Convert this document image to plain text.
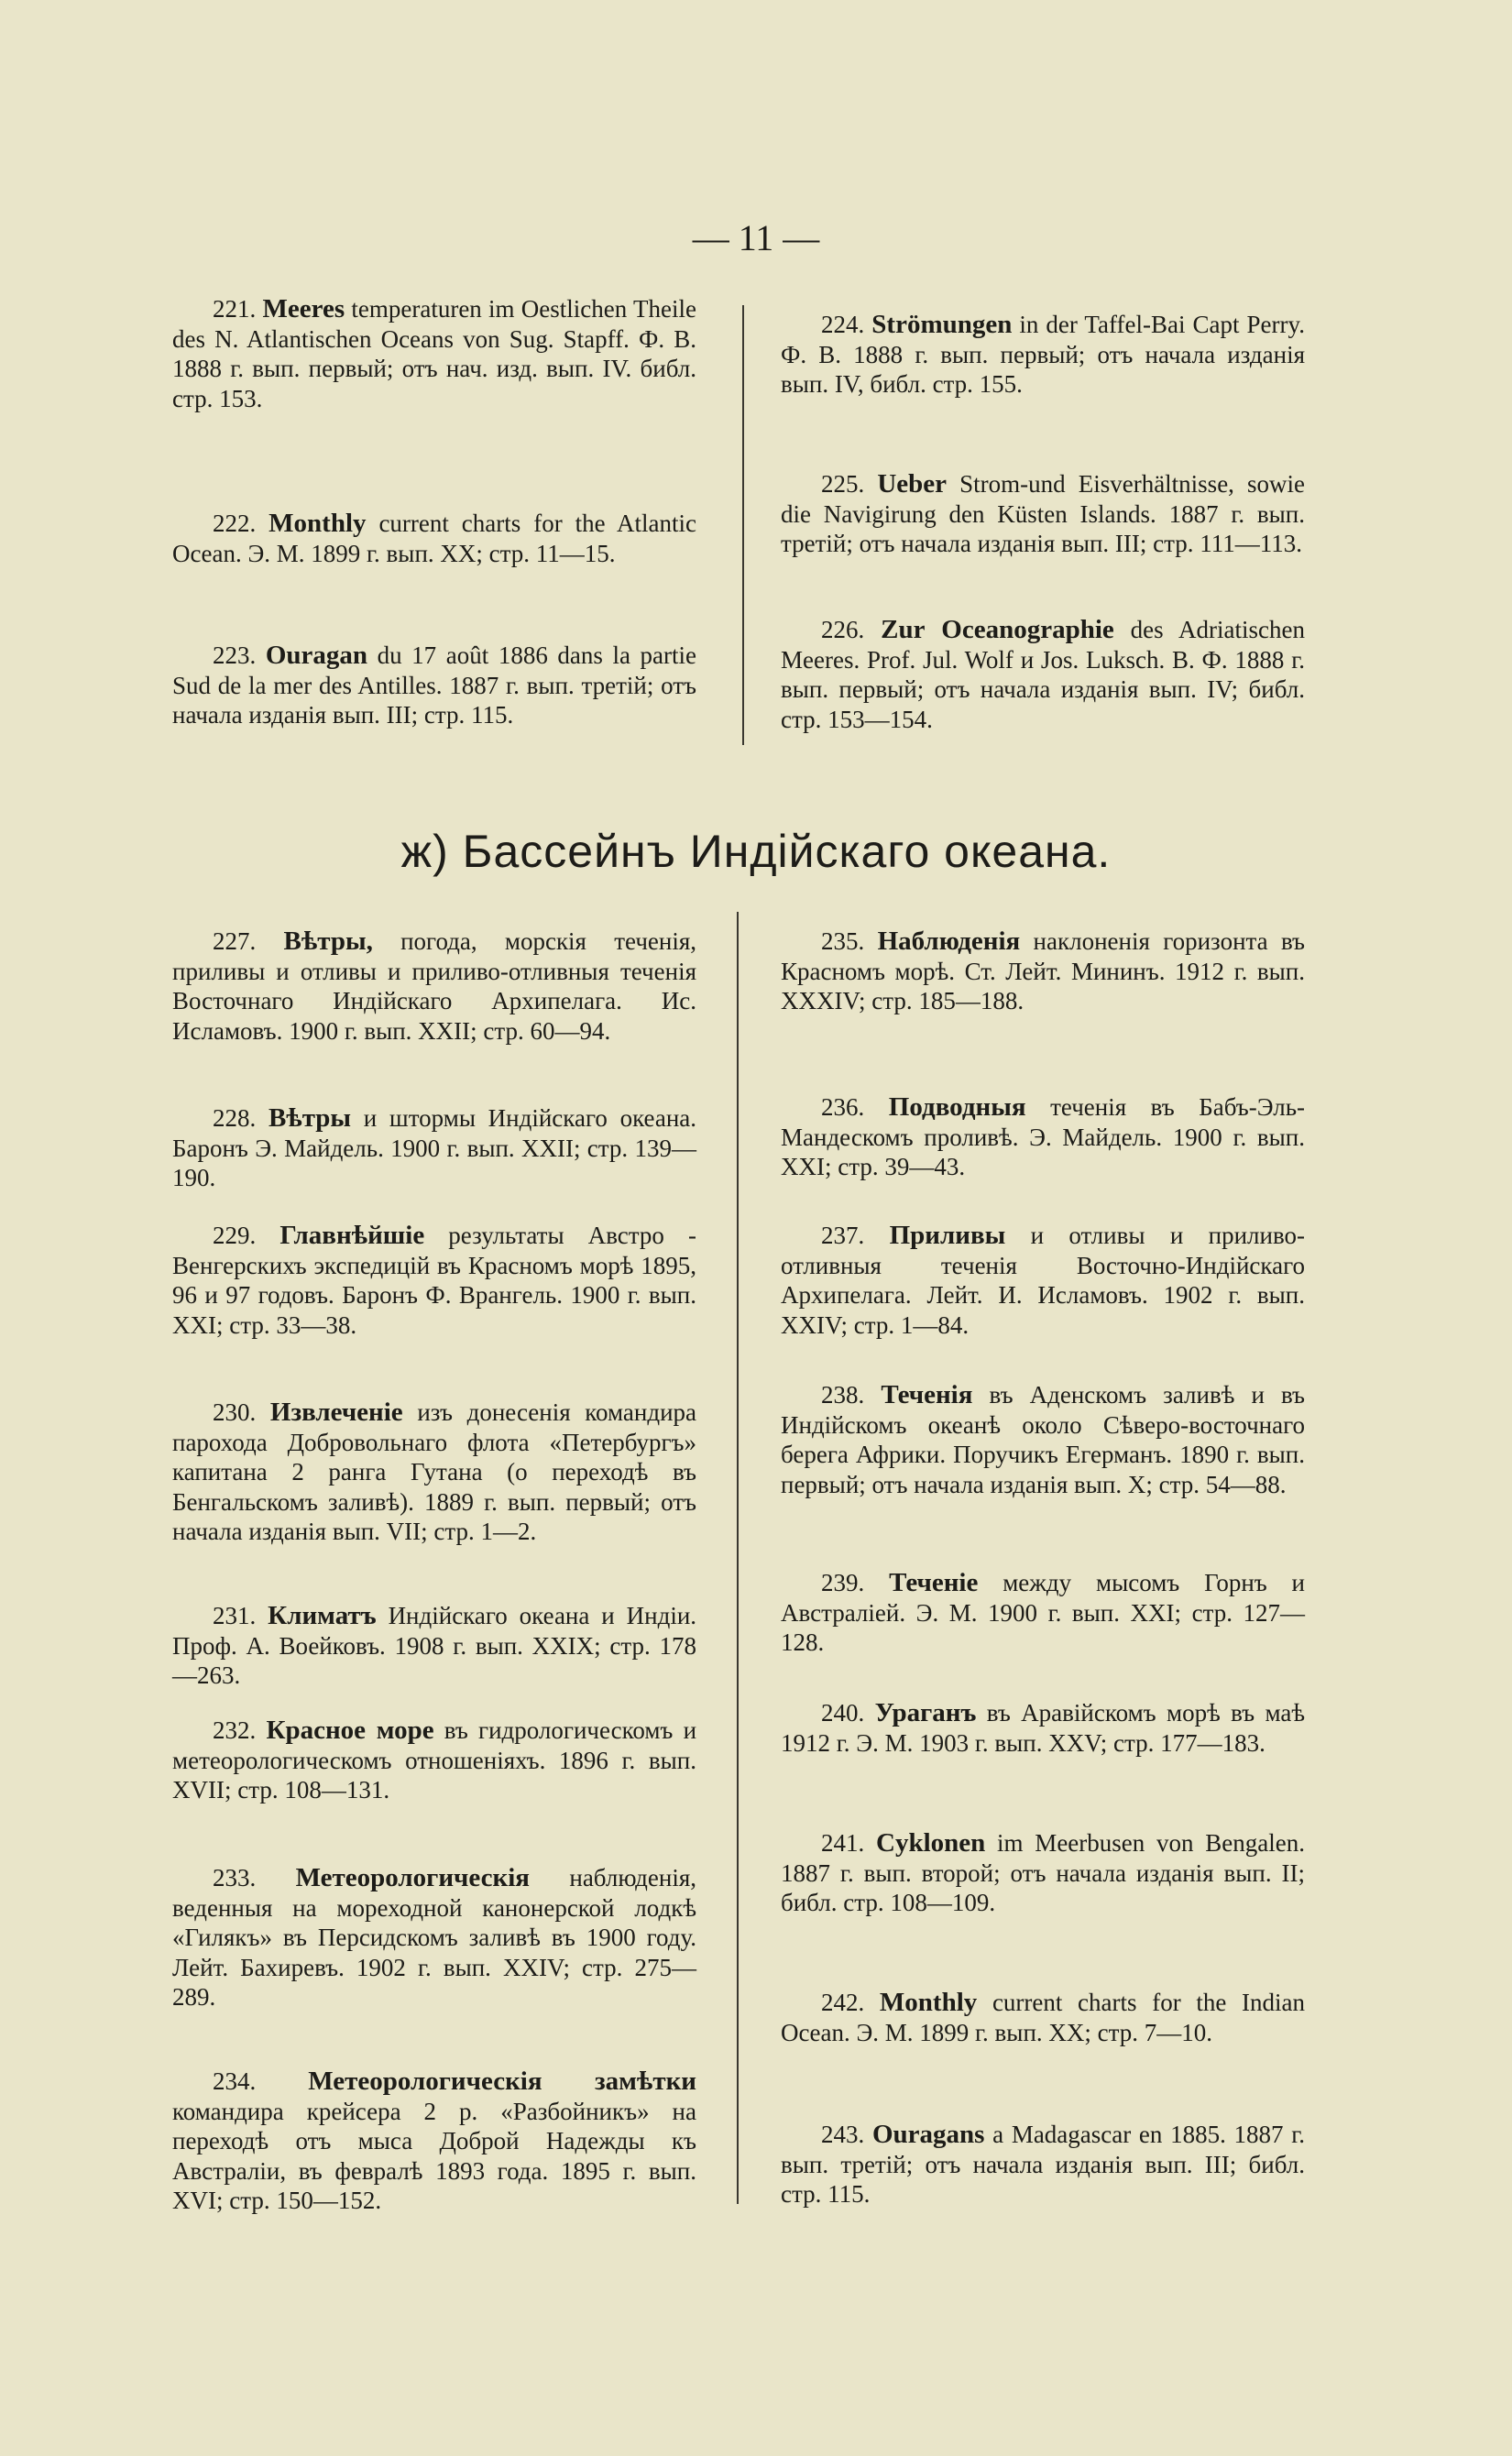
— 11 —
ж) Бассейнъ Индійскаго океана.
221. Meeres temperaturen im Oestlichen Theile des N. Atlantischen Oceans von Sug. Stapff. Ф. В. 1888 г. вып. первый; отъ нач. изд. вып. IV. библ. стр. 153.
222. Monthly current charts for the Atlantic Ocean. Э. М. 1899 г. вып. XX; стр. 11—15.
223. Ouragan du 17 août 1886 dans la partie Sud de la mer des Antilles. 1887 г. вып. третій; отъ начала изданія вып. III; стр. 115.
224. Strömungen in der Taffel-Bai Capt Perry. Ф. В. 1888 г. вып. первый; отъ начала изданія вып. IV, библ. стр. 155.
225. Ueber Strom-und Eisverhältnisse, sowie die Navigirung den Küsten Islands. 1887 г. вып. третій; отъ начала изданія вып. III; стр. 111—113.
226. Zur Oceanographie des Adriatischen Meeres. Prof. Jul. Wolf и Jos. Luksch. В. Ф. 1888 г. вып. первый; отъ начала изданія вып. IV; библ. стр. 153—154.
227. Вѣтры, погода, морскія теченія, приливы и отливы и приливо-отливныя теченія Восточнаго Индійскаго Архипелага. Ис. Исламовъ. 1900 г. вып. XXII; стр. 60—94.
228. Вѣтры и штормы Индійскаго океана. Баронъ Э. Майдель. 1900 г. вып. XXII; стр. 139—190.
229. Главнѣйшіе результаты Австро - Венгерскихъ экспедицій въ Красномъ морѣ 1895, 96 и 97 годовъ. Баронъ Ф. Врангель. 1900 г. вып. XXI; стр. 33—38.
230. Извлеченіе изъ донесенія командира парохода Добровольнаго флота «Петербургъ» капитана 2 ранга Гутана (о переходѣ въ Бенгальскомъ заливѣ). 1889 г. вып. первый; отъ начала изданія вып. VII; стр. 1—2.
231. Климатъ Индійскаго океана и Индіи. Проф. А. Воейковъ. 1908 г. вып. XXIX; стр. 178—263.
232. Красное море въ гидрологическомъ и метеорологическомъ отношеніяхъ. 1896 г. вып. XVII; стр. 108—131.
233. Метеорологическія наблюденія, веденныя на мореходной канонерской лодкѣ «Гилякъ» въ Персидскомъ заливѣ въ 1900 году. Лейт. Бахиревъ. 1902 г. вып. XXIV; стр. 275—289.
234. Метеорологическія замѣтки командира крейсера 2 р. «Разбойникъ» на переходѣ отъ мыса Доброй Надежды къ Австраліи, въ февралѣ 1893 года. 1895 г. вып. XVI; стр. 150—152.
235. Наблюденія наклоненія горизонта въ Красномъ морѣ. Ст. Лейт. Мининъ. 1912 г. вып. XXXIV; стр. 185—188.
236. Подводныя теченія въ Бабъ-Эль-Мандескомъ проливѣ. Э. Майдель. 1900 г. вып. XXI; стр. 39—43.
237. Приливы и отливы и приливо-отливныя теченія Восточно-Индійскаго Архипелага. Лейт. И. Исламовъ. 1902 г. вып. XXIV; стр. 1—84.
238. Теченія въ Аденскомъ заливѣ и въ Индійскомъ океанѣ около Сѣверо-восточнаго берега Африки. Поручикъ Егерманъ. 1890 г. вып. первый; отъ начала изданія вып. X; стр. 54—88.
239. Теченіе между мысомъ Горнъ и Австраліей. Э. М. 1900 г. вып. XXI; стр. 127—128.
240. Ураганъ въ Аравійскомъ морѣ въ маѣ 1912 г. Э. М. 1903 г. вып. XXV; стр. 177—183.
241. Cyklonen im Meerbusen von Bengalen. 1887 г. вып. второй; отъ начала изданія вып. II; библ. стр. 108—109.
242. Monthly current charts for the Indian Ocean. Э. М. 1899 г. вып. XX; стр. 7—10.
243. Ouragans a Madagascar en 1885. 1887 г. вып. третій; отъ начала изданія вып. III; библ. стр. 115.
